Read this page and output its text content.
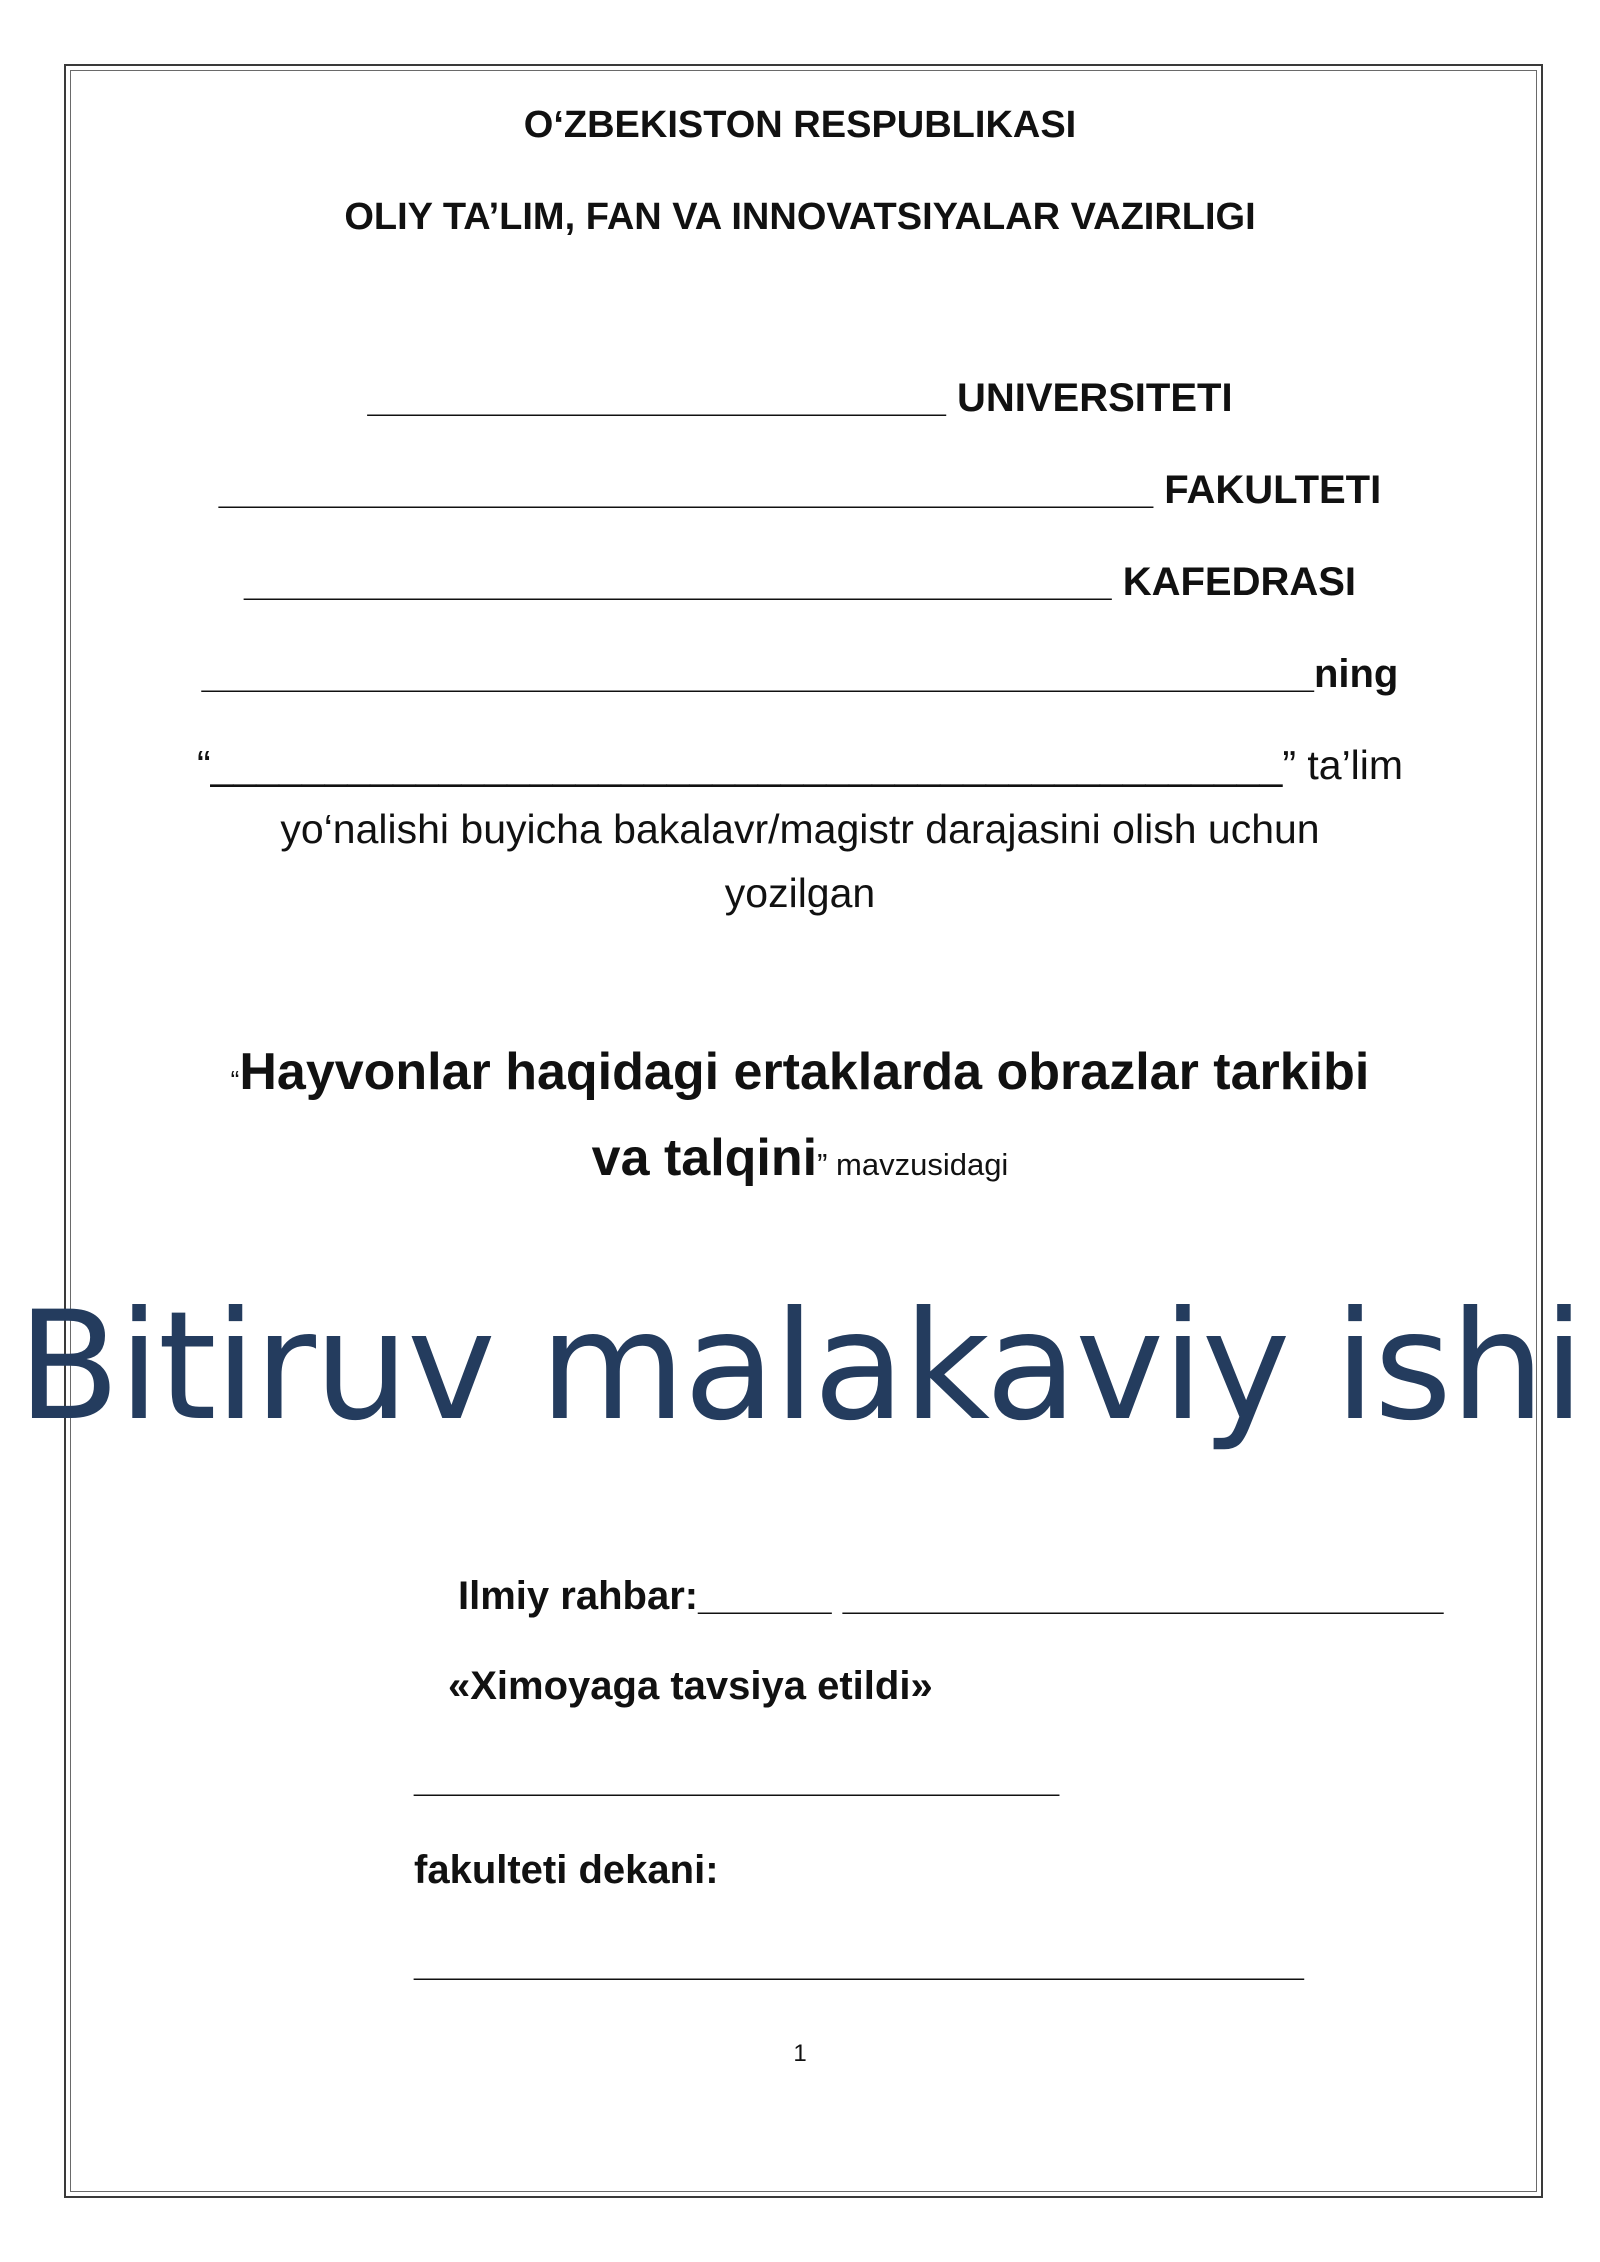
O‘ZBEKISTON RESPUBLIKASI
OLIY TA’LIM, FAN VA INNOVATSIYALAR VAZIRLIGI
__________________________ UNIVERSITETI
__________________________________________ FAKULTETI
_______________________________________ KAFEDRASI
__________________________________________________ning
“_______________________________________________” ta’lim
yo‘nalishi buyicha bakalavr/magistr darajasini olish uchun
yozilgan
“Hayvonlar haqidagi ertaklarda obrazlar tarkibi
va talqini” mavzusidagi
Bitiruv malakaviy ishi
Ilmiy rahbar:______ ___________________________
«Ximoyaga tavsiya etildi»
_____________________________
fakulteti dekani:
________________________________________
1
